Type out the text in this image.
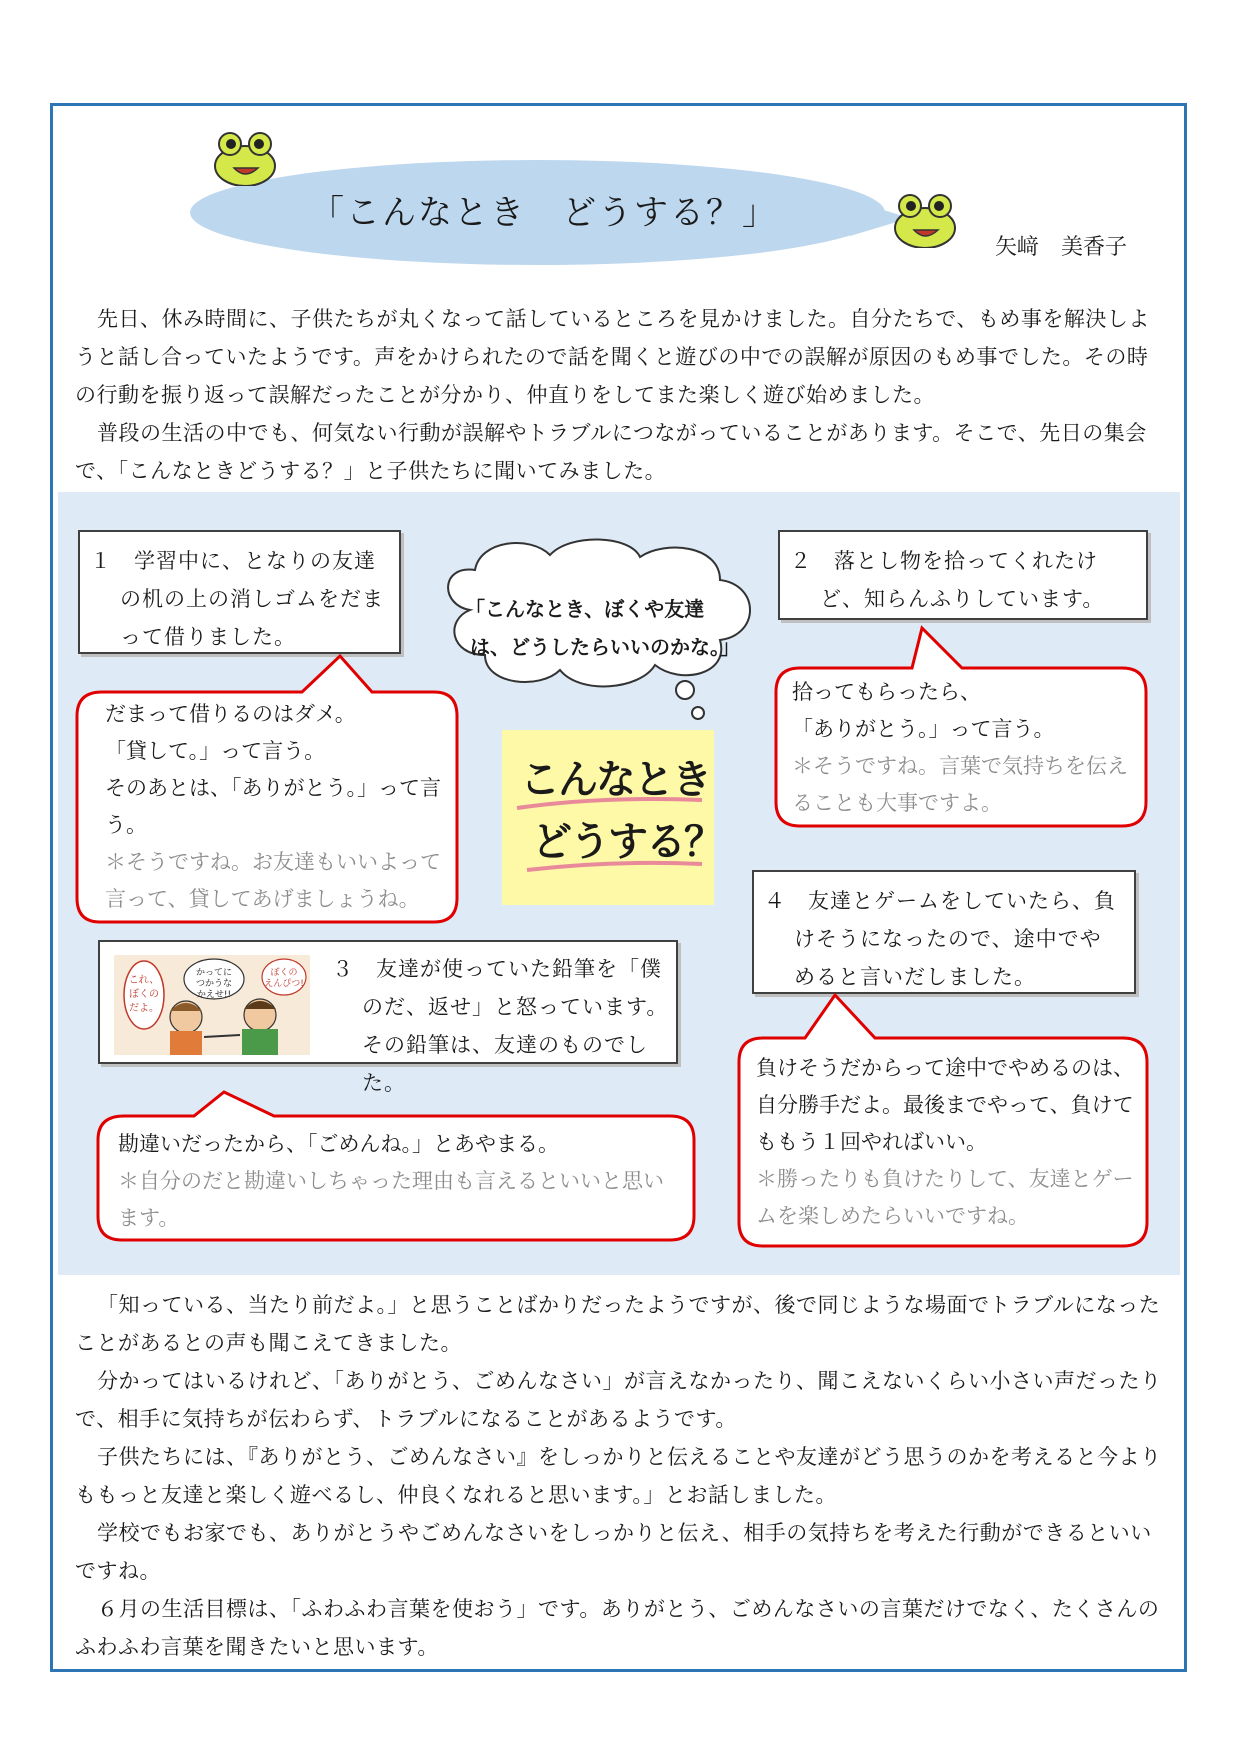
「こんなとき　どうする？」
矢﨑　美香子
先日、休み時間に、子供たちが丸くなって話しているところを見かけました。自分たちで、もめ事を解決しようと話し合っていたようです。声をかけられたので話を聞くと遊びの中での誤解が原因のもめ事でした。その時の行動を振り返って誤解だったことが分かり、仲直りをしてまた楽しく遊び始めました。
普段の生活の中でも、何気ない行動が誤解やトラブルにつながっていることがあります。そこで、先日の集会で、「こんなときどうする？」と子供たちに聞いてみました。
１　学習中に、となりの友達の机の上の消しゴムをだまって借りました。
２　落とし物を拾ってくれたけど、知らんふりしています。
４　友達とゲームをしていたら、負けそうになったので、途中でやめると言いだしました。
３　友達が使っていた鉛筆を「僕のだ、返せ」と怒っています。その鉛筆は、友達のものでした。
これ、
ぼくの
だよ。
かってに
つかうな
かえせ!!
ぼくの
えんぴつ!
「こんなとき、ぼくや友達
は、どうしたらいいのかな。」
こんなとき
どうする？
だまって借りるのはダメ。
「貸して。」って言う。
そのあとは、「ありがとう。」って言う。
＊そうですね。お友達もいいよって言って、貸してあげましょうね。
拾ってもらったら、
「ありがとう。」って言う。
＊そうですね。言葉で気持ちを伝えることも大事ですよ。
勘違いだったから、「ごめんね。」とあやまる。
＊自分のだと勘違いしちゃった理由も言えるといいと思います。
負けそうだからって途中でやめるのは、自分勝手だよ。最後までやって、負けてももう１回やればいい。
＊勝ったりも負けたりして、友達とゲームを楽しめたらいいですね。
「知っている、当たり前だよ。」と思うことばかりだったようですが、後で同じような場面でトラブルになったことがあるとの声も聞こえてきました。
分かってはいるけれど、「ありがとう、ごめんなさい」が言えなかったり、聞こえないくらい小さい声だったりで、相手に気持ちが伝わらず、トラブルになることがあるようです。
子供たちには、『ありがとう、ごめんなさい』をしっかりと伝えることや友達がどう思うのかを考えると今よりももっと友達と楽しく遊べるし、仲良くなれると思います。」とお話しました。
学校でもお家でも、ありがとうやごめんなさいをしっかりと伝え、相手の気持ちを考えた行動ができるといいですね。
６月の生活目標は、「ふわふわ言葉を使おう」です。ありがとう、ごめんなさいの言葉だけでなく、たくさんのふわふわ言葉を聞きたいと思います。
